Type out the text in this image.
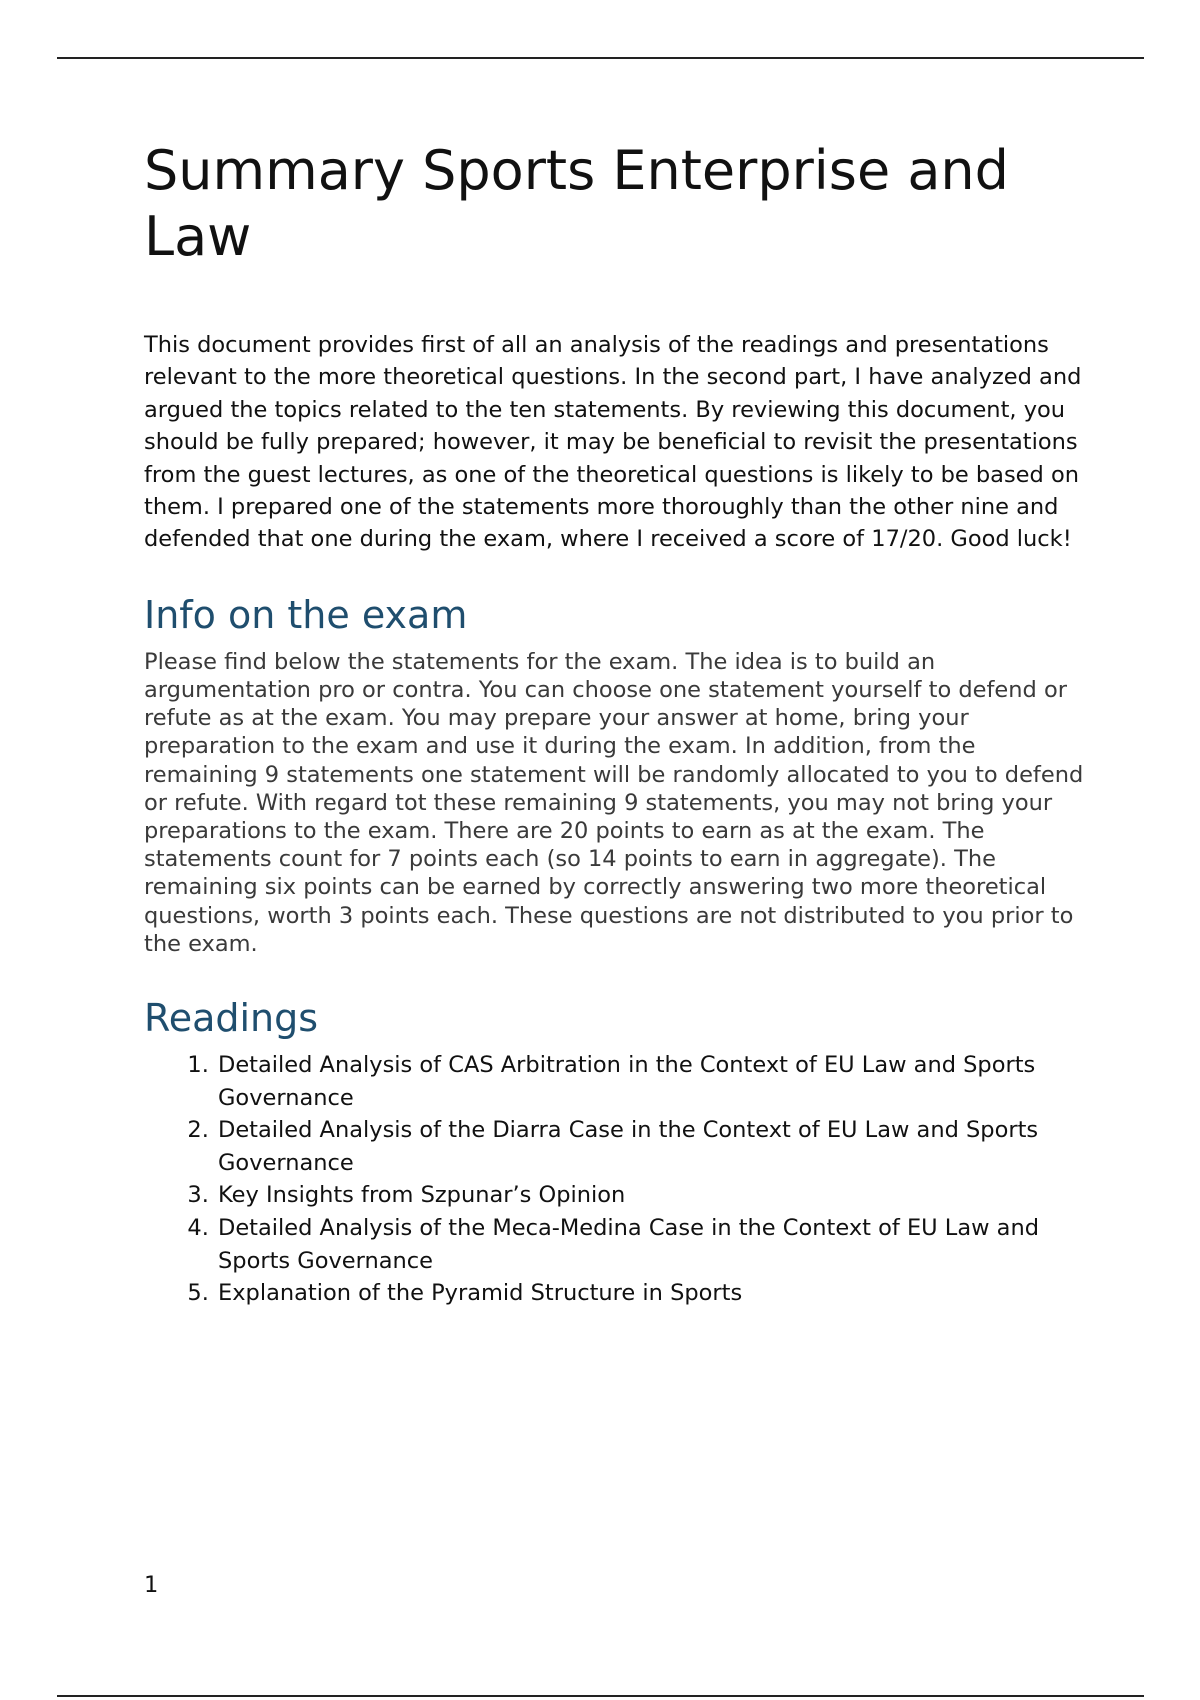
Summary Sports Enterprise and Law

This document provides first of all an analysis of the readings and presentations relevant to the more theoretical questions. In the second part, I have analyzed and argued the topics related to the ten statements. By reviewing this document, you should be fully prepared; however, it may be beneficial to revisit the presentations from the guest lectures, as one of the theoretical questions is likely to be based on them. I prepared one of the statements more thoroughly than the other nine and defended that one during the exam, where I received a score of 17/20. Good luck!

Info on the exam

Please find below the statements for the exam. The idea is to build an argumentation pro or contra. You can choose one statement yourself to defend or refute as at the exam. You may prepare your answer at home, bring your preparation to the exam and use it during the exam. In addition, from the remaining 9 statements one statement will be randomly allocated to you to defend or refute. With regard tot these remaining 9 statements, you may not bring your preparations to the exam. There are 20 points to earn as at the exam. The statements count for 7 points each (so 14 points to earn in aggregate). The remaining six points can be earned by correctly answering two more theoretical questions, worth 3 points each. These questions are not distributed to you prior to the exam.

Readings
1. Detailed Analysis of CAS Arbitration in the Context of EU Law and Sports Governance
2. Detailed Analysis of the Diarra Case in the Context of EU Law and Sports Governance
3. Key Insights from Szpunar’s Opinion
4. Detailed Analysis of the Meca-Medina Case in the Context of EU Law and Sports Governance
5. Explanation of the Pyramid Structure in Sports
1
